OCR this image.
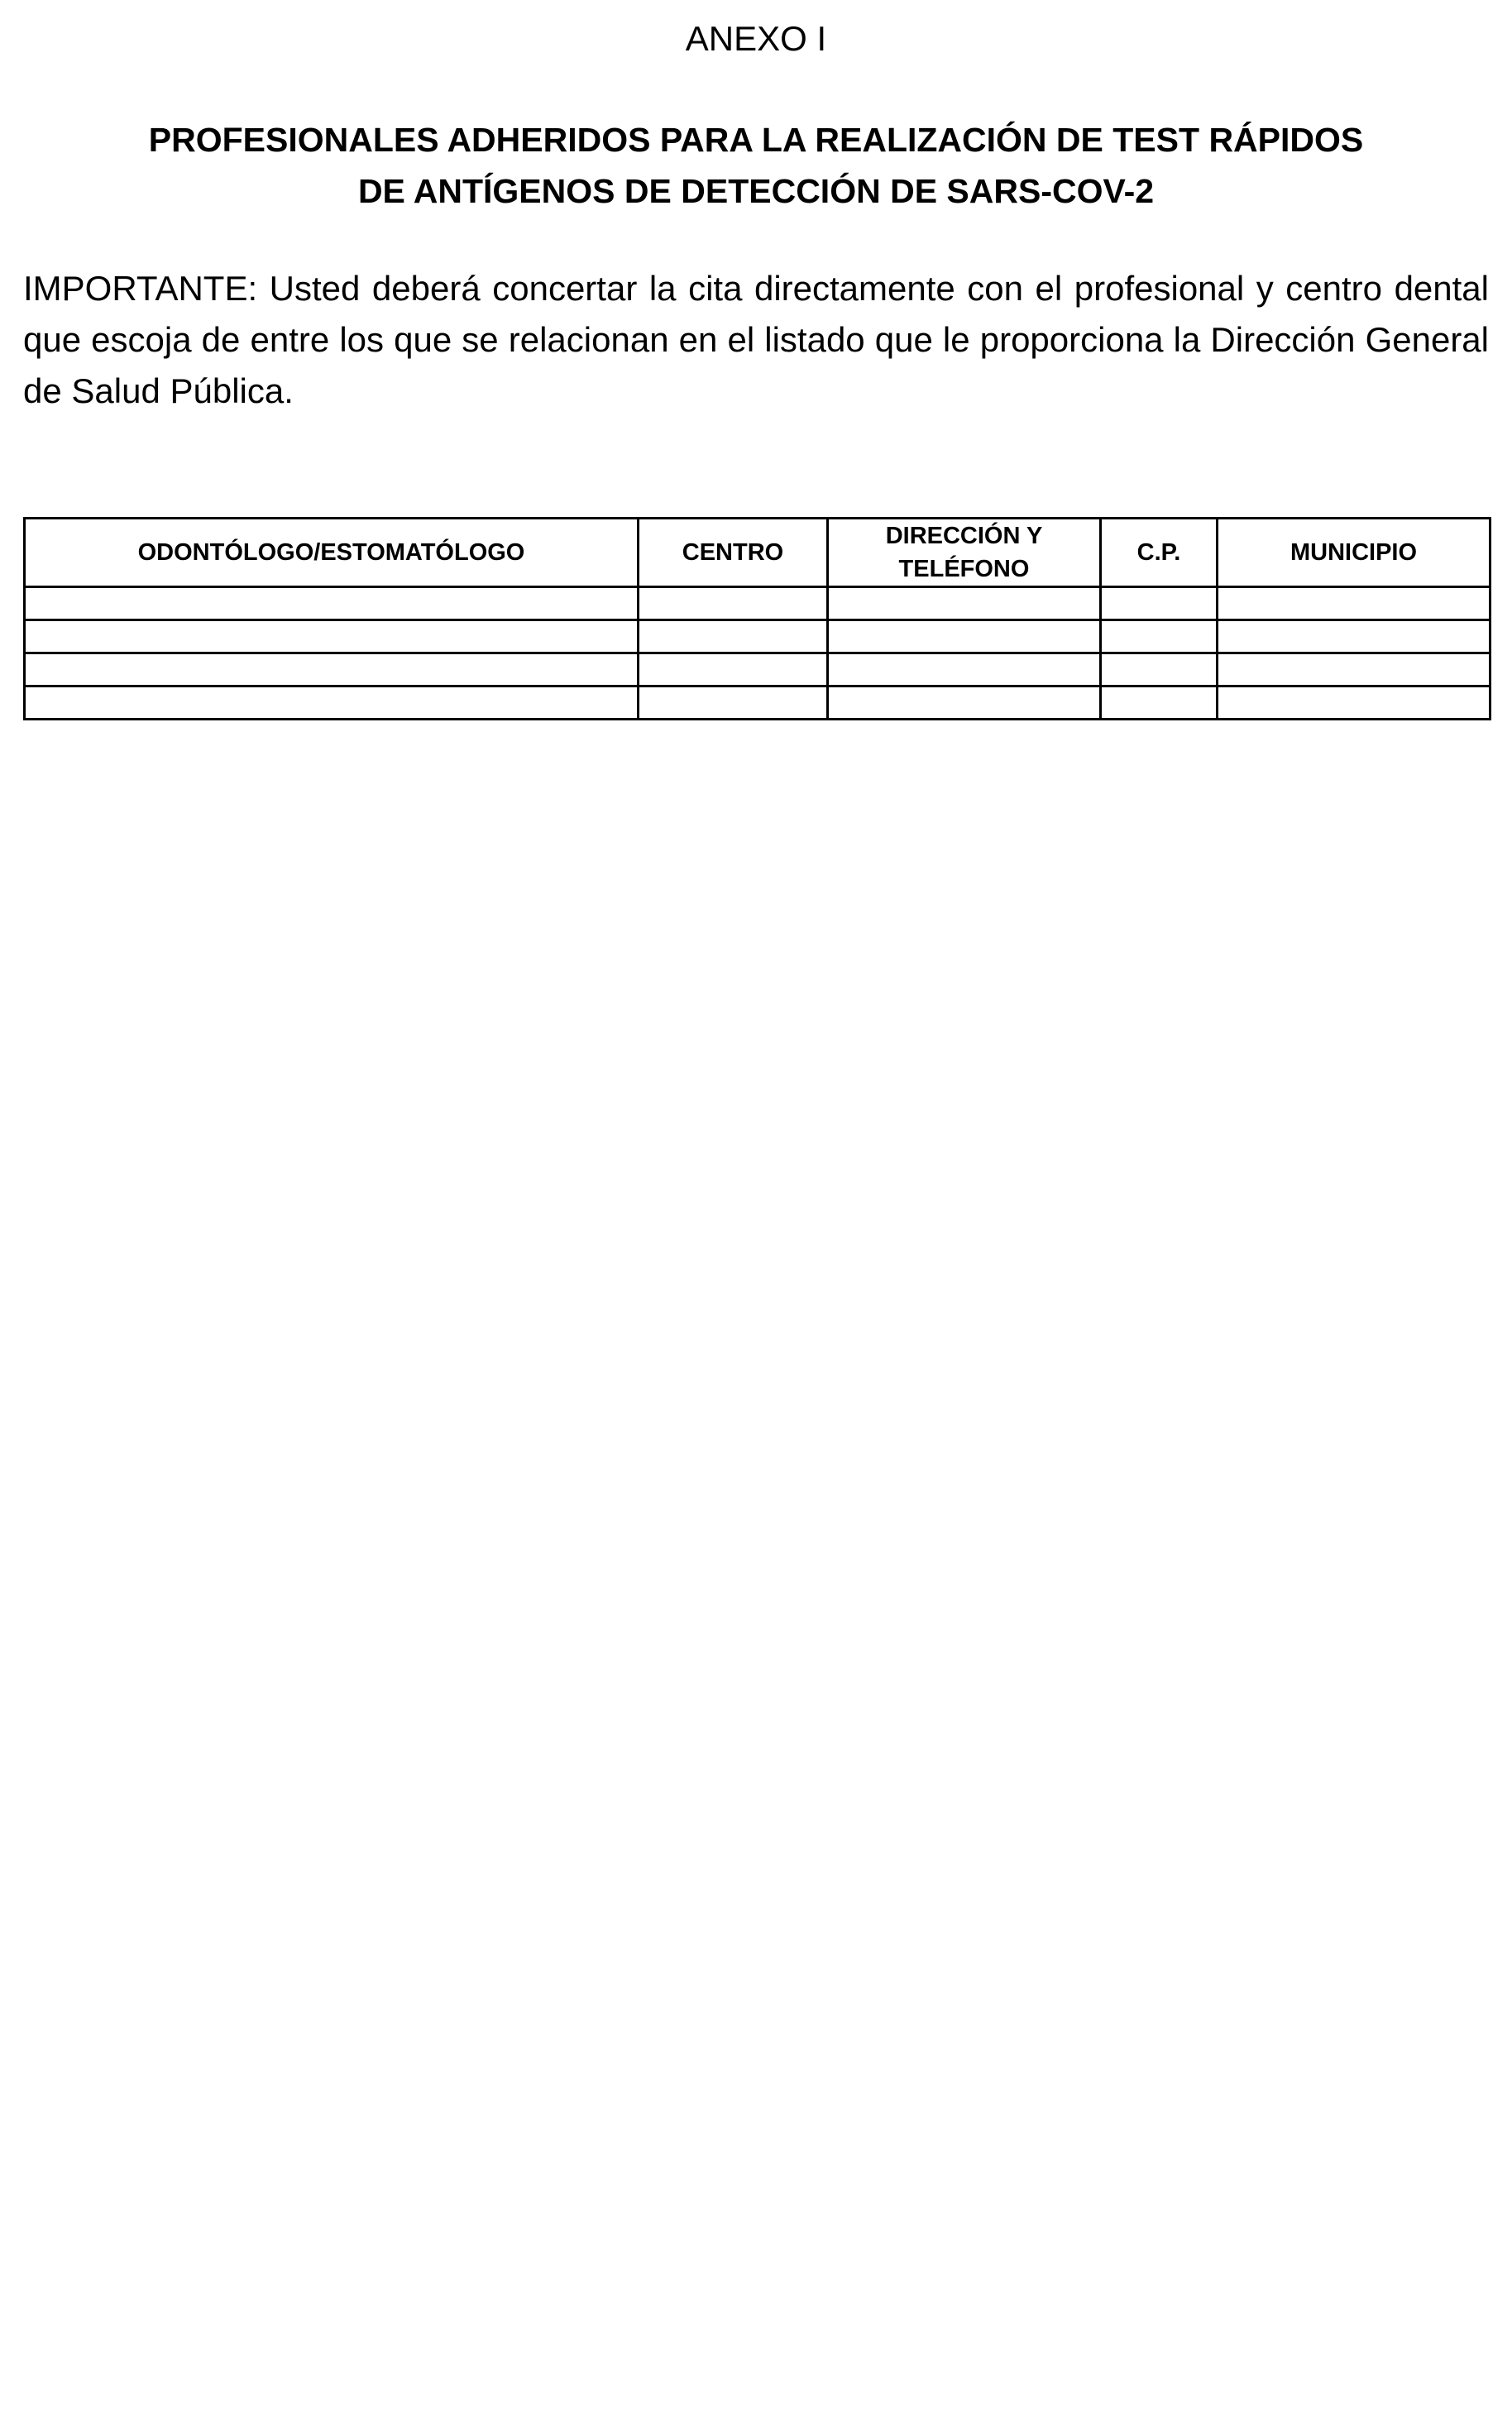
ANEXO I
PROFESIONALES ADHERIDOS PARA LA REALIZACIÓN DE TEST RÁPIDOS
DE ANTÍGENOS DE DETECCIÓN DE SARS-COV-2

IMPORTANTE: Usted deberá concertar la cita directamente con el profesional y centro dental que escoja de entre los que se relacionan en el listado que le proporciona la Dirección General de Salud Pública.

ODONTÓLOGO/ESTOMATÓLOGO	CENTRO	DIRECCIÓN Y TELÉFONO	C.P.	MUNICIPIO
